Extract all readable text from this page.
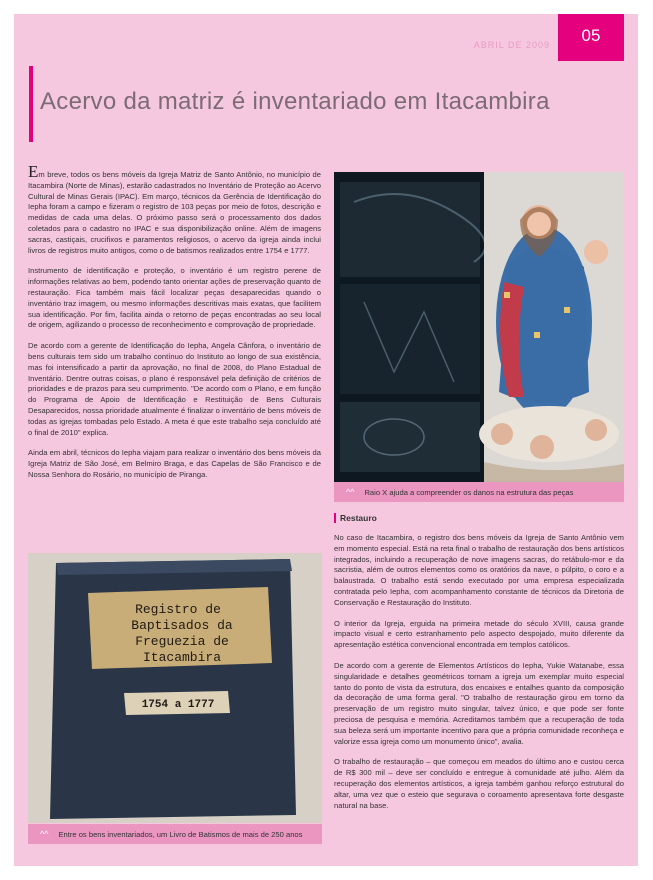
ABRIL DE 2009	05
Acervo da matriz é inventariado em Itacambira

Em breve, todos os bens móveis da Igreja Matriz de Santo Antônio, no município de Itacambira (Norte de Minas), estarão cadastrados no Inventário de Proteção ao Acervo Cultural de Minas Gerais (IPAC). Em março, técnicos da Gerência de Identificação do Iepha foram a campo e fizeram o registro de 103 peças por meio de fotos, descrição e medidas de cada uma delas. O próximo passo será o processamento dos dados coletados para o cadastro no IPAC e sua disponibilização online. Além de imagens sacras, castiçais, crucifixos e paramentos religiosos, o acervo da igreja ainda inclui livros de registros muito antigos, como o de batismos realizados entre 1754 e 1777.

Instrumento de identificação e proteção, o inventário é um registro perene de informações relativas ao bem, podendo tanto orientar ações de preservação quanto de restauração. Fica também mais fácil localizar peças desaparecidas quando o inventário traz imagem, ou mesmo informações descritivas mais exatas, que facilitem sua identificação. Por fim, facilita ainda o retorno de peças encontradas ao seu local de origem, agilizando o processo de reconhecimento e comprovação de propriedade.

De acordo com a gerente de Identificação do Iepha, Angela Cânfora, o inventário de bens culturais tem sido um trabalho contínuo do Instituto ao longo de sua existência, mas foi intensificado a partir da aprovação, no final de 2008, do Plano Estadual de Inventário. Dentre outras coisas, o plano é responsável pela definição de critérios de prioridades e de prazos para seu cumprimento. "De acordo com o Plano, e em função do Programa de Apoio de Identificação e Restituição de Bens Culturais Desaparecidos, nossa prioridade atualmente é finalizar o inventário de bens móveis de todas as igrejas tombadas pelo Estado. A meta é que este trabalho seja concluído até o final de 2010" explica.

Ainda em abril, técnicos do Iepha viajam para realizar o inventário dos bens móveis da Igreja Matriz de São José, em Belmiro Braga, e das Capelas de São Francisco e de Nossa Senhora do Rosário, no município de Piranga.

^^ Raio X ajuda a compreender os danos na estrutura das peças
Restauro

No caso de Itacambira, o registro dos bens móveis da Igreja de Santo Antônio vem em momento especial. Está na reta final o trabalho de restauração dos bens artísticos integrados, incluindo a recuperação de nove imagens sacras, do retábulo-mor e da sacristia, além de outros elementos como os oratórios da nave, o púlpito, o coro e a balaustrada. O trabalho está sendo executado por uma empresa especializada contratada pelo Iepha, com acompanhamento constante de técnicos da Diretoria de Conservação e Restauração do Instituto.

O interior da Igreja, erguida na primeira metade do século XVIII, causa grande impacto visual e certo estranhamento pelo aspecto despojado, muito diferente da apresentação estética convencional encontrada em templos católicos.

De acordo com a gerente de Elementos Artísticos do Iepha, Yukie Watanabe, essa singularidade e detalhes geométricos tornam a igreja um exemplar muito especial tanto do ponto de vista da estrutura, dos encaixes e entalhes quanto da composição da decoração de uma forma geral. "O trabalho de restauração girou em torno da preservação de um registro muito singular, talvez único, e que pode ser fonte preciosa de pesquisa e memória. Acreditamos também que a recuperação de toda sua beleza será um importante incentivo para que a própria comunidade reconheça e valorize essa igreja como um monumento único", avalia.

O trabalho de restauração – que começou em meados do último ano e custou cerca de R$ 300 mil – deve ser concluído e entregue à comunidade até julho. Além da recuperação dos elementos artísticos, a igreja também ganhou reforço estrutural do altar, uma vez que o esteio que segurava o coroamento apresentava forte desgaste natural na base.

Registro de
Baptisados da
Freguezia de
Itacambira
1754 a 1777
^^ Entre os bens inventariados, um Livro de Batismos de mais de 250 anos
